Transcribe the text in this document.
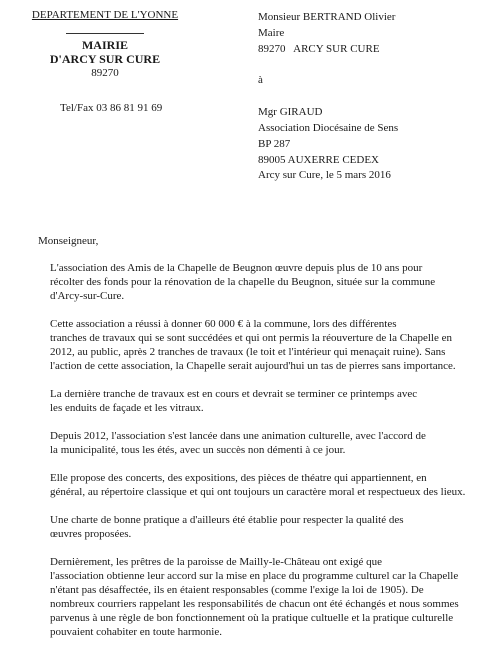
DEPARTEMENT DE L'YONNE
MAIRIE
D'ARCY SUR CURE
89270
Tel/Fax 03 86 81 91 69
Monsieur BERTRAND Olivier
Maire
89270   ARCY SUR CURE
à
Mgr GIRAUD
Association Diocésaine de Sens
BP 287
89005 AUXERRE CEDEX
Arcy sur Cure, le 5 mars 2016
Monseigneur,

L'association des Amis de la Chapelle de Beugnon œuvre depuis plus de 10 ans pour
récolter des fonds pour la rénovation de la chapelle du Beugnon, située sur la commune
d'Arcy-sur-Cure.

Cette association a réussi à donner 60 000 € à la commune, lors des différentes
tranches de travaux qui se sont succédées et qui ont permis la réouverture de la Chapelle en
2012, au public, après 2 tranches de travaux (le toit et l'intérieur qui menaçait ruine). Sans
l'action de cette association, la Chapelle serait aujourd'hui un tas de pierres sans importance.

La dernière tranche de travaux est en cours et devrait se terminer ce printemps avec
les enduits de façade et les vitraux.

Depuis 2012, l'association s'est lancée dans une animation culturelle, avec l'accord de
la municipalité, tous les étés, avec un succès non démenti à ce jour.

Elle propose des concerts, des expositions, des pièces de théatre qui appartiennent, en
général, au répertoire classique et qui ont toujours un caractère moral et respectueux des lieux.

Une charte de bonne pratique a d'ailleurs été établie pour respecter la qualité des
œuvres proposées.

Dernièrement, les prêtres de la paroisse de Mailly-le-Château ont exigé que
l'association obtienne leur accord sur la mise en place du programme culturel car la Chapelle
n'étant pas désaffectée, ils en étaient responsables (comme l'exige la loi de 1905). De
nombreux courriers rappelant les responsabilités de chacun ont été échangés et nous sommes
parvenus à une règle de bon fonctionnement où la pratique cultuelle et la pratique culturelle
pouvaient cohabiter en toute harmonie.
